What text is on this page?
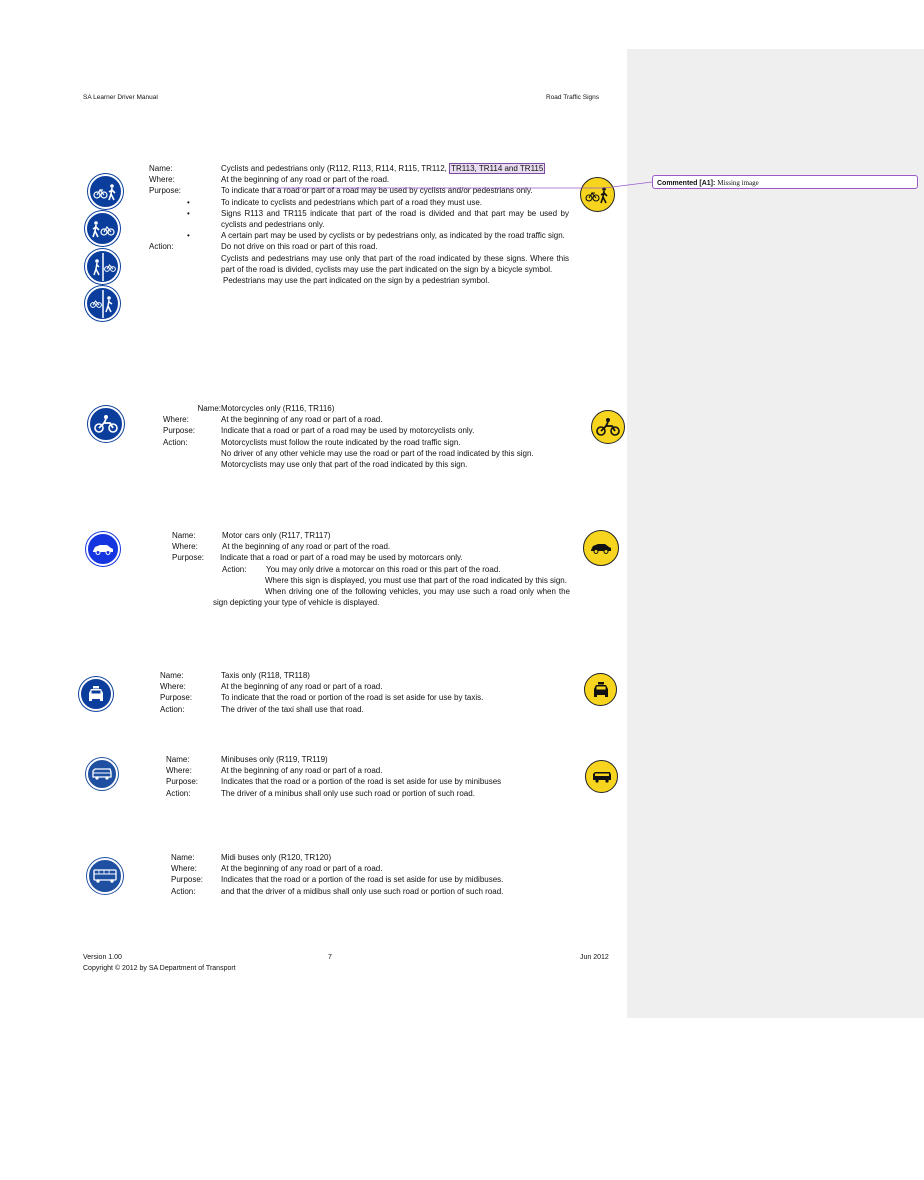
SA Learner Driver Manual	Road Traffic Signs
Name:	Cyclists and pedestrians only (R112, R113, R114, R115, TR112, TR113, TR114 and TR115
Where:	At the beginning of any road or part of the road.
Purpose:	To indicate that a road or part of a road may be used by cyclists and/or pedestrians only.
•	To indicate to cyclists and pedestrians which part of a road they must use.
•	Signs R113 and TR115 indicate that part of the road is divided and that part may be used by cyclists and pedestrians only.
•	A certain part may be used by cyclists or by pedestrians only, as indicated by the road traffic sign.
Action:	Do not drive on this road or part of this road.
Cyclists and pedestrians may use only that part of the road indicated by these signs. Where this part of the road is divided, cyclists may use the part indicated on the sign by a bicycle symbol.
Pedestrians may use the part indicated on the sign by a pedestrian symbol.
Commented [A1]: Missing image
Name: Motorcycles only (R116, TR116)
Where:	At the beginning of any road or part of a road.
Purpose:	Indicate that a road or part of a road may be used by motorcyclists only.
Action:	Motorcyclists must follow the route indicated by the road traffic sign.
No driver of any other vehicle may use the road or part of the road indicated by this sign.
Motorcyclists may use only that part of the road indicated by this sign.
Name:	Motor cars only (R117, TR117)
Where:	At the beginning of any road or part of the road.
Purpose:	Indicate that a road or part of a road may be used by motorcars only.
Action:	You may only drive a motorcar on this road or this part of the road.
Where this sign is displayed, you must use that part of the road indicated by this sign.
When driving one of the following vehicles, you may use such a road only when the sign depicting your type of vehicle is displayed.
Name:	Taxis only (R118, TR118)
Where:	At the beginning of any road or part of a road.
Purpose:	To indicate that the road or portion of the road is set aside for use by taxis.
Action:	The driver of the taxi shall use that road.
Name:	Minibuses only (R119, TR119)
Where:	At the beginning of any road or part of a road.
Purpose:	Indicates that the road or a portion of the road is set aside for use by minibuses
Action:	The driver of a minibus shall only use such road or portion of such road.
Name:	Midi buses only (R120, TR120)
Where:	At the beginning of any road or part of a road.
Purpose:	Indicates that the road or a portion of the road is set aside for use by midibuses.
Action:	and that the driver of a midibus shall only use such road or portion of such road.
Version 1.00	7	Jun 2012
Copyright © 2012 by SA Department of Transport
